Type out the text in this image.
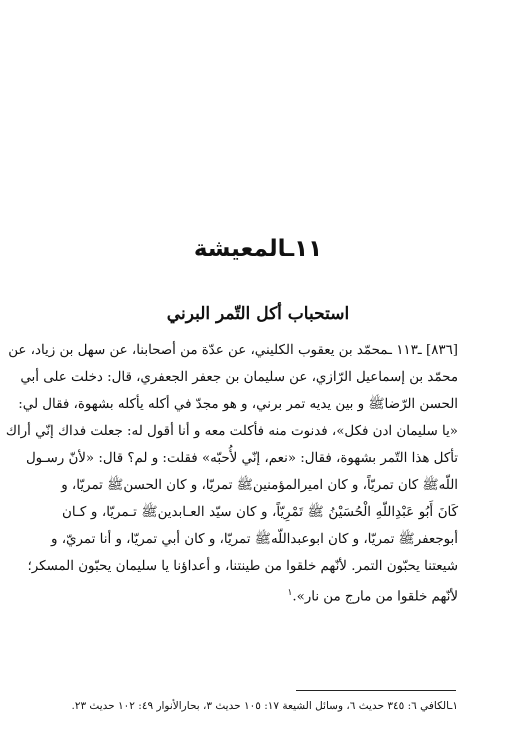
١١ـالمعيشة
استحباب أكل التّمر البرني
[٨٣٦] ـ١١٣ ـمحمّد بن يعقوب الكليني، عن عدّة من أصحابنا، عن سهل بن زياد، عن
محمّد بن إسماعيل الرّازي، عن سليمان بن جعفر الجعفري، قال: دخلت على أبي
الحسن الرّضاﷺ و بين يديه تمر برني، و هو مجدّ في أكله يأكله بشهوة، فقال لي:
«يا سليمان ادن فكل»، فدنوت منه فأكلت معه و أنا أقول له: جعلت فداك إنّي أراك
تأكل هذا التّمر بشهوة، فقال: «نعم، إنّي لأُحبّه» فقلت: و لم؟ قال: «لأنّ رسـول
اللّهﷺ كان تمريّاً، و كان اميرالمؤمنينﷺ تمريّا، و كان الحسنﷺ تمريّا، و
كَانَ أَبُو عَبْدِاللّهِ الْحُسَيْنُ ﷺ تَمْرِيّاً، و كان سيّد العـابدينﷺ تـمريّا، و كـان
أبوجعفرﷺ تمريّا، و كان ابوعبداللّهﷺ تمريّا، و كان أبي تمريّا، و أنا تمريّ، و
شيعتنا يحبّون التمر. لأنّهم خلقوا من طينتنا، و أعداؤنا يا سليمان يحبّون المسكر؛
لأنّهم خلقوا من مارج من نار».$^١$
١ـالكافي ٦: ٣٤٥ حديث ٦، وسائل الشيعة ١٧: ١٠٥ حديث ٣، بحارالأنوار ٤٩: ١٠٢ حديث ٢٣.
